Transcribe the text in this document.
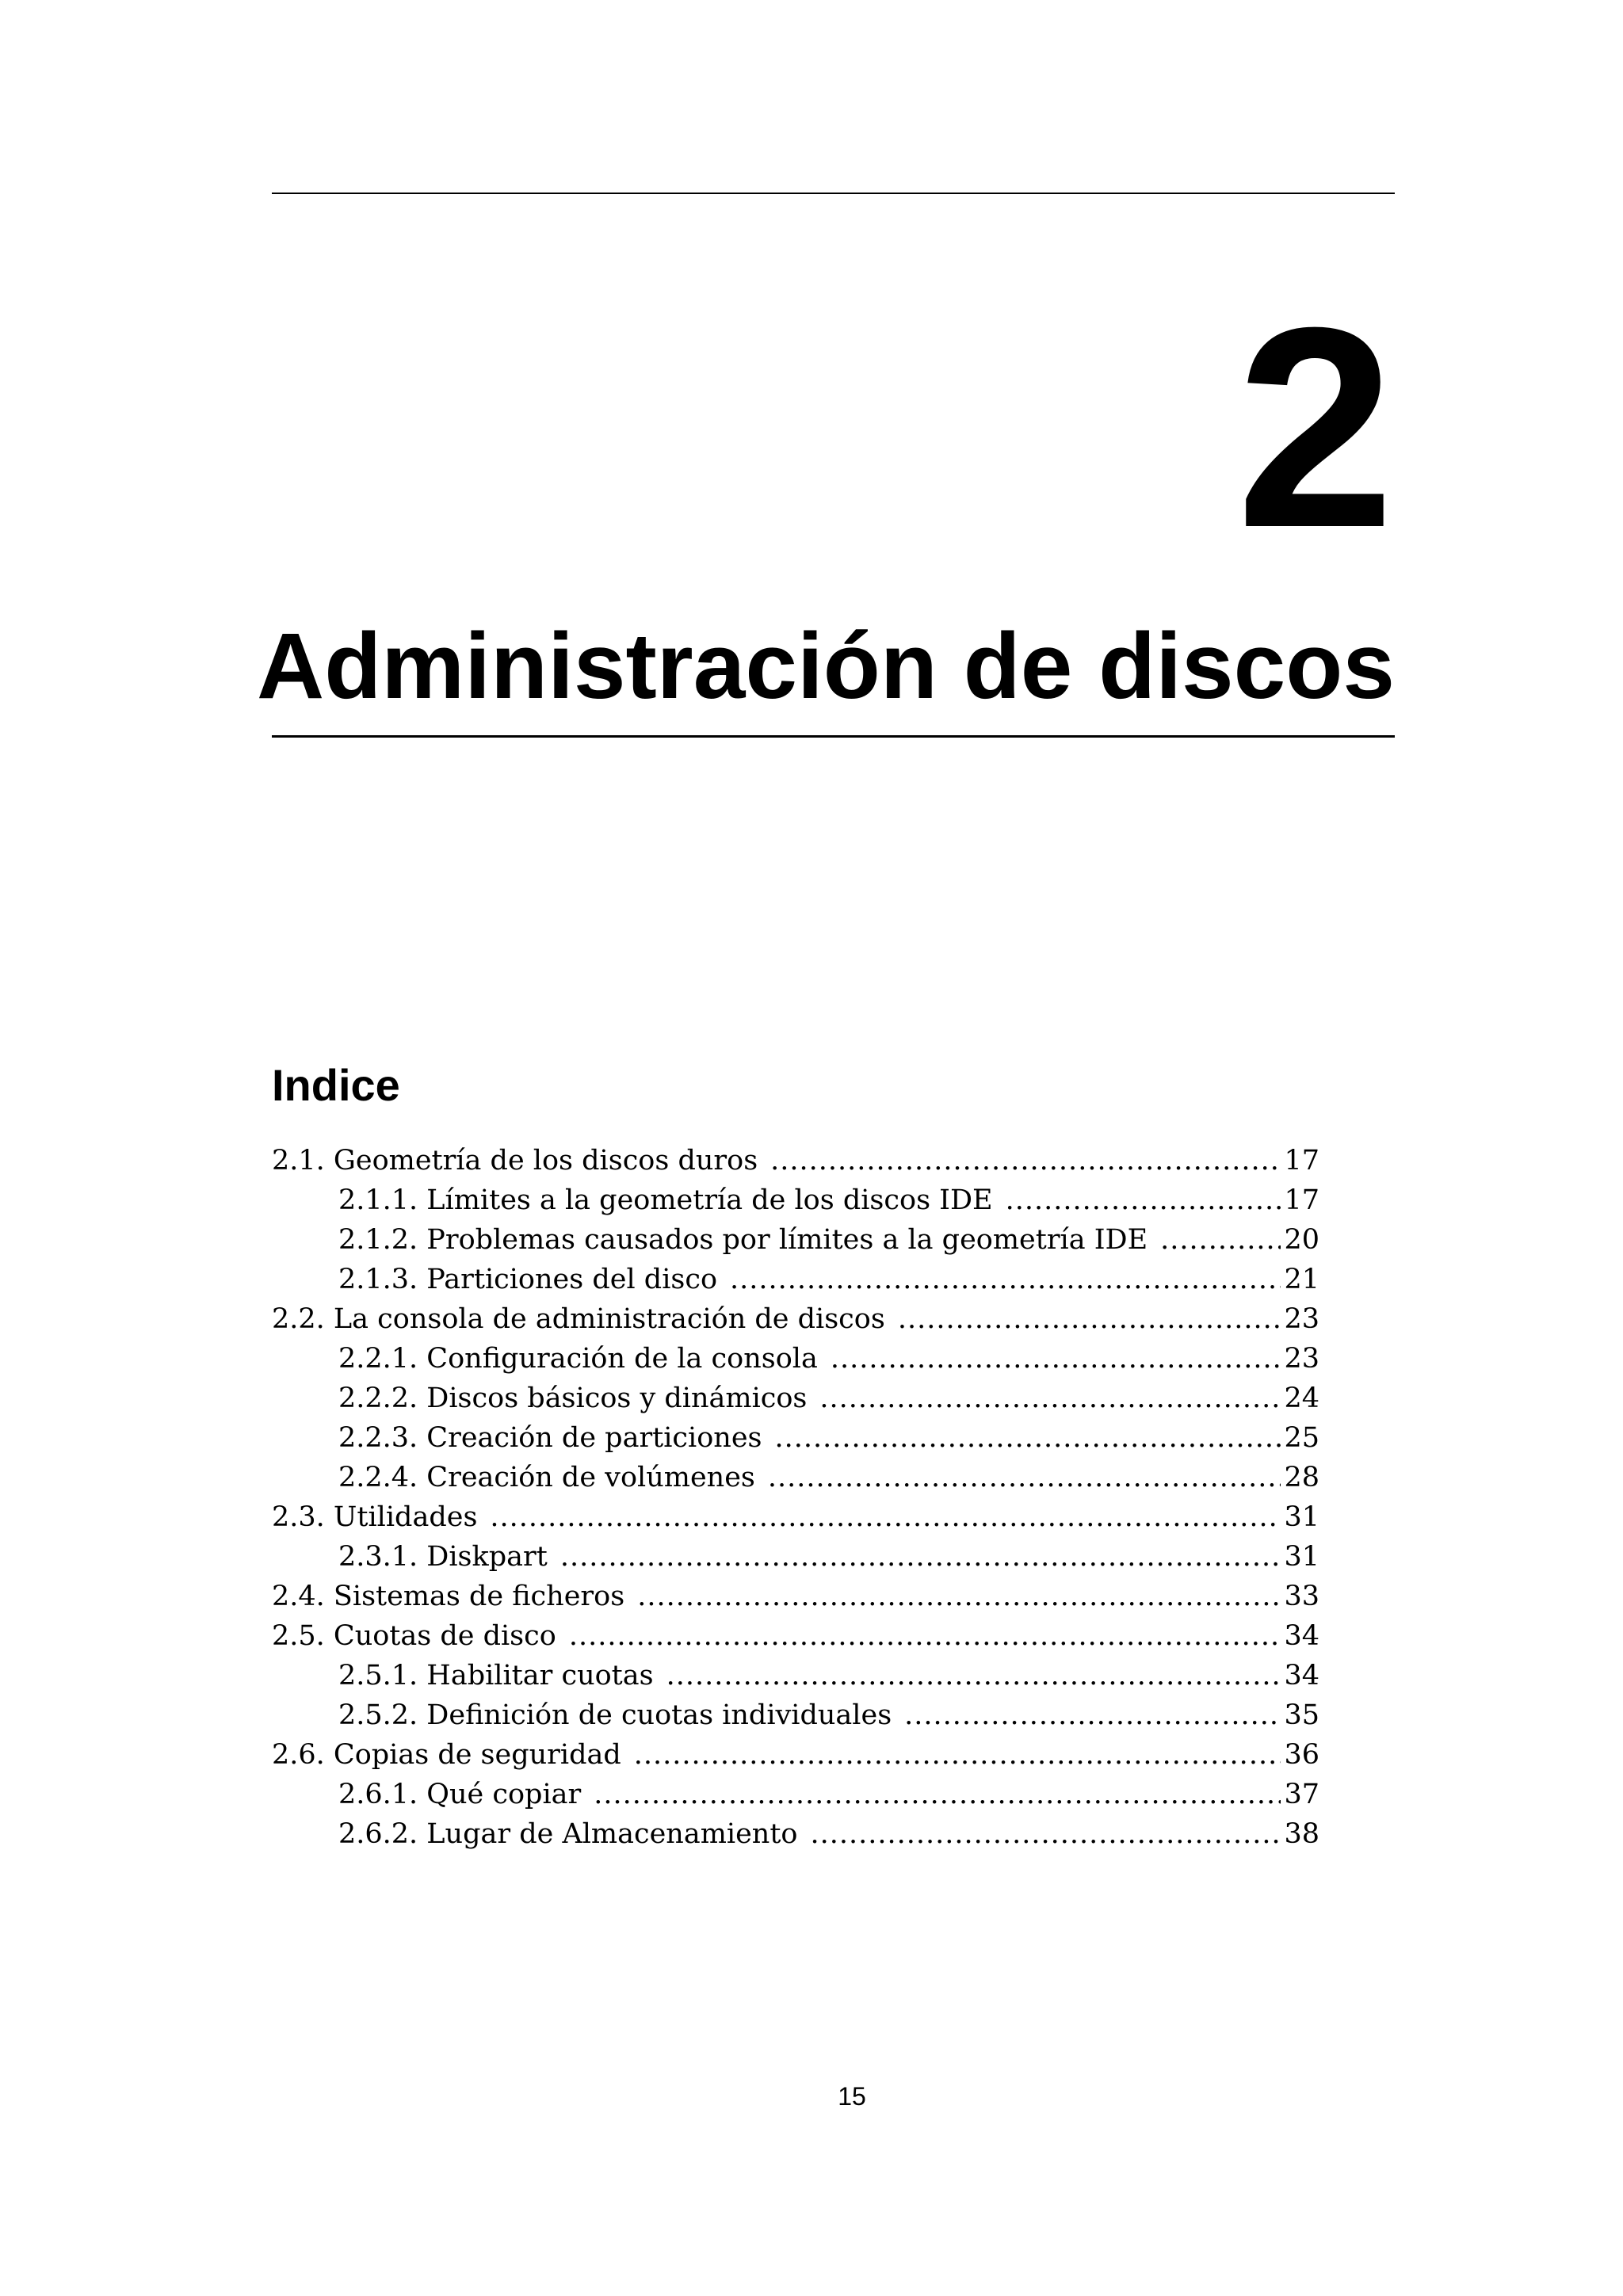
2
Administración de discos
Indice
2.1. Geometría de los discos duros .....	17
2.1.1. Límites a la geometría de los discos IDE .....	17
2.1.2. Problemas causados por límites a la geometría IDE .....	20
2.1.3. Particiones del disco .....	21
2.2. La consola de administración de discos .....	23
2.2.1. Configuración de la consola .....	23
2.2.2. Discos básicos y dinámicos .....	24
2.2.3. Creación de particiones .....	25
2.2.4. Creación de volúmenes .....	28
2.3. Utilidades .....	31
2.3.1. Diskpart .....	31
2.4. Sistemas de ficheros .....	33
2.5. Cuotas de disco .....	34
2.5.1. Habilitar cuotas .....	34
2.5.2. Definición de cuotas individuales .....	35
2.6. Copias de seguridad .....	36
2.6.1. Qué copiar .....	37
2.6.2. Lugar de Almacenamiento .....	38

15
